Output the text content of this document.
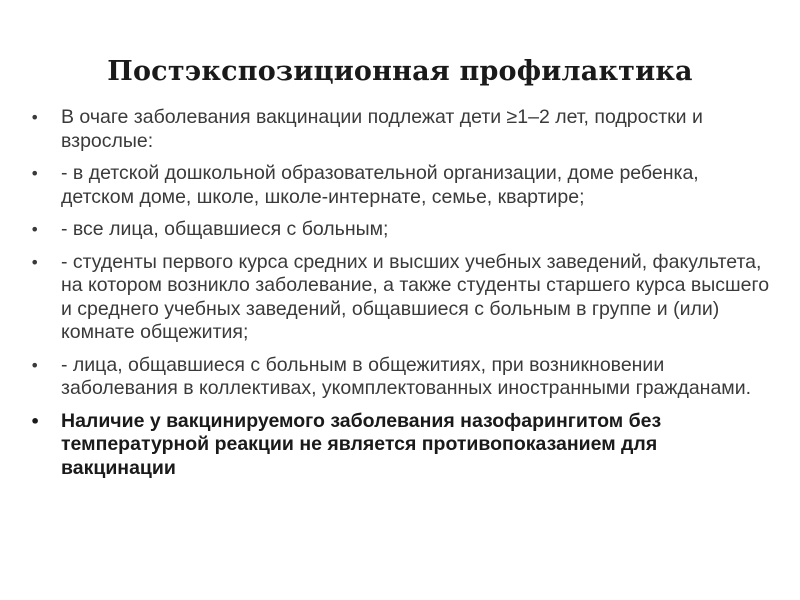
Постэкспозиционная профилактика
•	В очаге заболевания вакцинации подлежат дети ≥1–2 лет, подростки и взрослые:
•	- в детской дошкольной образовательной организации, доме ребенка, детском доме, школе, школе-интернате, семье, квартире;
•	- все лица, общавшиеся с больным;
•	- студенты первого курса средних и высших учебных заведений, факультета, на котором возникло заболевание, а также студенты старшего курса высшего и среднего учебных заведений, общавшиеся с больным в группе и (или) комнате общежития;
•	- лица, общавшиеся с больным в общежитиях, при возникновении заболевания в коллективах, укомплектованных иностранными гражданами.
•	Наличие у вакцинируемого заболевания назофарингитом без температурной реакции не является противопоказанием для вакцинации
